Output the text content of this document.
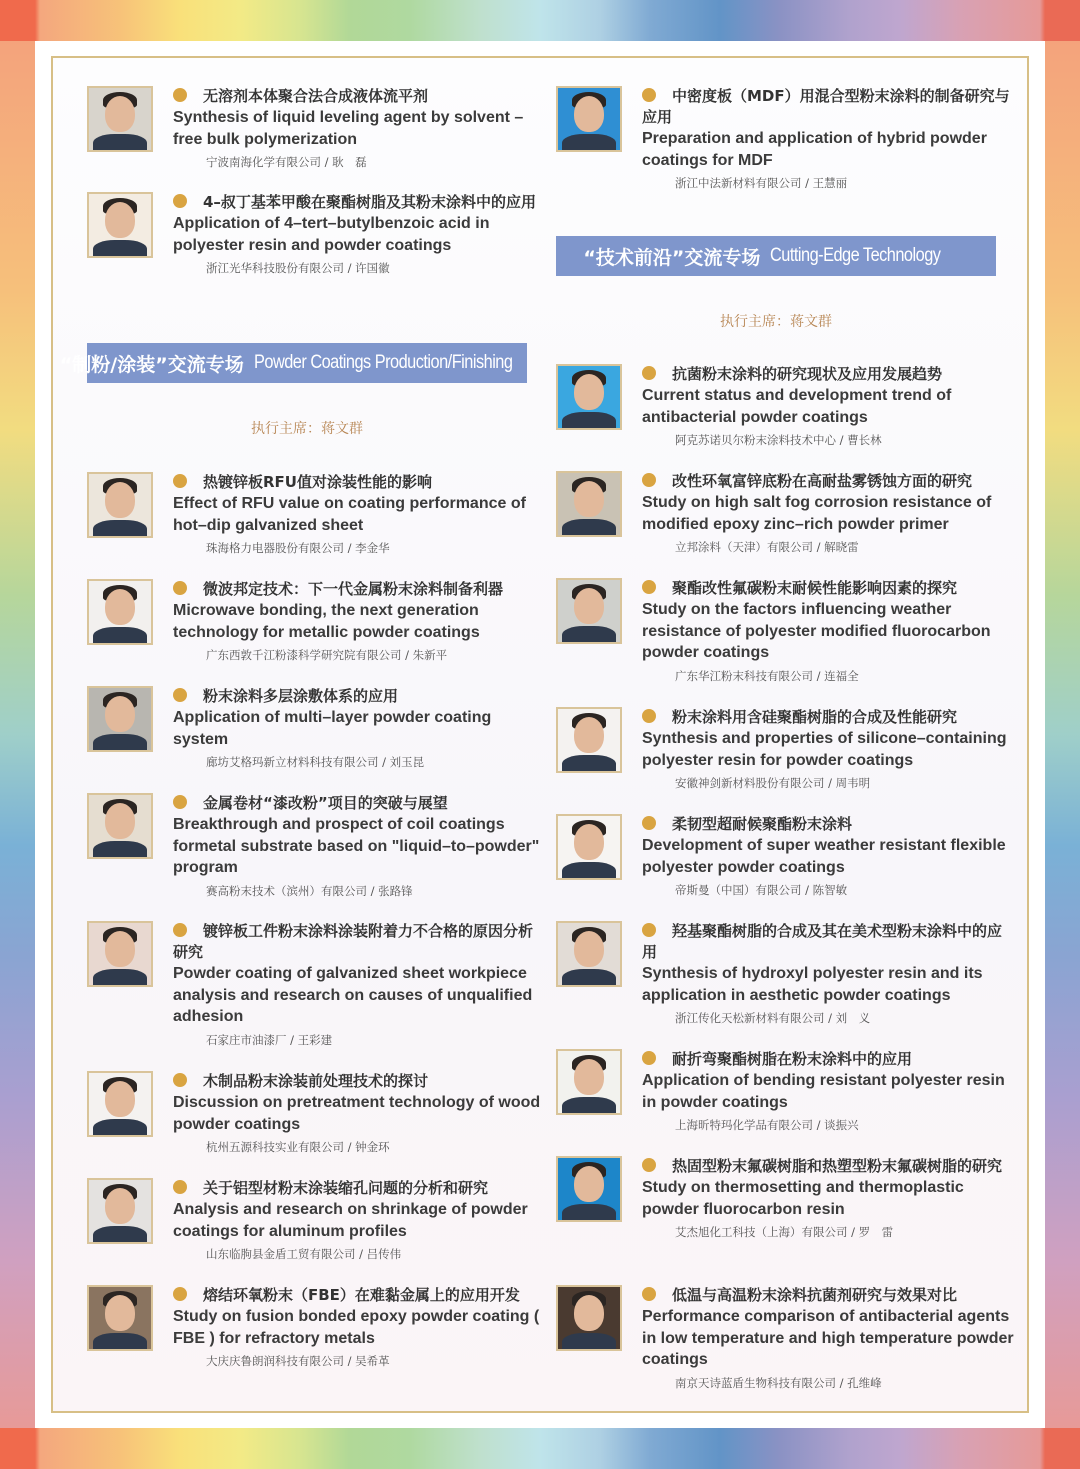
无溶剂本体聚合法合成液体流平剂
Synthesis of liquid leveling agent by solvent –free bulk polymerization
宁波南海化学有限公司 / 耿　磊
4–叔丁基苯甲酸在聚酯树脂及其粉末涂料中的应用
Application of 4–tert–butylbenzoic acid in polyester resin and powder coatings
浙江光华科技股份有限公司 / 许国徽
“制粉/涂装”交流专场 Powder Coatings Production/Finishing
执行主席：蒋文群
热镀锌板RFU值对涂装性能的影响
Effect of RFU value on coating performance of hot–dip galvanized sheet
珠海格力电器股份有限公司 / 李金华
微波邦定技术：下一代金属粉末涂料制备利器
Microwave bonding, the next generation technology for metallic powder coatings
广东西敦千江粉漆科学研究院有限公司 / 朱新平
粉末涂料多层涂敷体系的应用
Application of multi–layer powder coating system
廊坊艾格玛新立材料科技有限公司 / 刘玉昆
金属卷材“漆改粉”项目的突破与展望
Breakthrough and prospect of coil coatings formetal substrate based on "liquid–to–powder" program
赛高粉末技术（滨州）有限公司 / 张路锋
镀锌板工件粉末涂料涂装附着力不合格的原因分析研究
Powder coating of galvanized sheet workpiece analysis and research on causes of unqualified adhesion
石家庄市油漆厂 / 王彩建
木制品粉末涂装前处理技术的探讨
Discussion on pretreatment technology of wood powder coatings
杭州五源科技实业有限公司 / 钟金环
关于铝型材粉末涂装缩孔问题的分析和研究
Analysis and research on shrinkage of powder coatings for aluminum profiles
山东临朐县金盾工贸有限公司 / 吕传伟
熔结环氧粉末（FBE）在难黏金属上的应用开发
Study on fusion bonded epoxy powder coating ( FBE ) for refractory metals
大庆庆鲁朗润科技有限公司 / 吴希革
中密度板（MDF）用混合型粉末涂料的制备研究与应用
Preparation and application of hybrid powder coatings for MDF
浙江中法新材料有限公司 / 王慧丽
“技术前沿”交流专场 Cutting-Edge Technology
执行主席：蒋文群
抗菌粉末涂料的研究现状及应用发展趋势
Current status and development trend of antibacterial powder coatings
阿克苏诺贝尔粉末涂料技术中心 / 曹长林
改性环氧富锌底粉在高耐盐雾锈蚀方面的研究
Study on high salt fog corrosion resistance of modified epoxy zinc–rich powder primer
立邦涂料（天津）有限公司 / 解晓雷
聚酯改性氟碳粉末耐候性能影响因素的探究
Study on the factors influencing weather resistance of polyester modified fluorocarbon powder coatings
广东华江粉末科技有限公司 / 连福全
粉末涂料用含硅聚酯树脂的合成及性能研究
Synthesis and properties of silicone–containing polyester resin for powder coatings
安徽神剑新材料股份有限公司 / 周韦明
柔韧型超耐候聚酯粉末涂料
Development of super weather resistant flexible polyester powder coatings
帝斯曼（中国）有限公司 / 陈智敏
羟基聚酯树脂的合成及其在美术型粉末涂料中的应用
Synthesis of hydroxyl polyester resin and its application in aesthetic powder coatings
浙江传化天松新材料有限公司 / 刘　义
耐折弯聚酯树脂在粉末涂料中的应用
Application of bending resistant polyester resin in powder coatings
上海昕特玛化学品有限公司 / 谈振兴
热固型粉末氟碳树脂和热塑型粉末氟碳树脂的研究
Study on thermosetting and thermoplastic powder fluorocarbon resin
艾杰旭化工科技（上海）有限公司 / 罗　雷
低温与高温粉末涂料抗菌剂研究与效果对比
Performance comparison of antibacterial agents in low temperature and high temperature powder coatings
南京天诗蓝盾生物科技有限公司 / 孔维峰
